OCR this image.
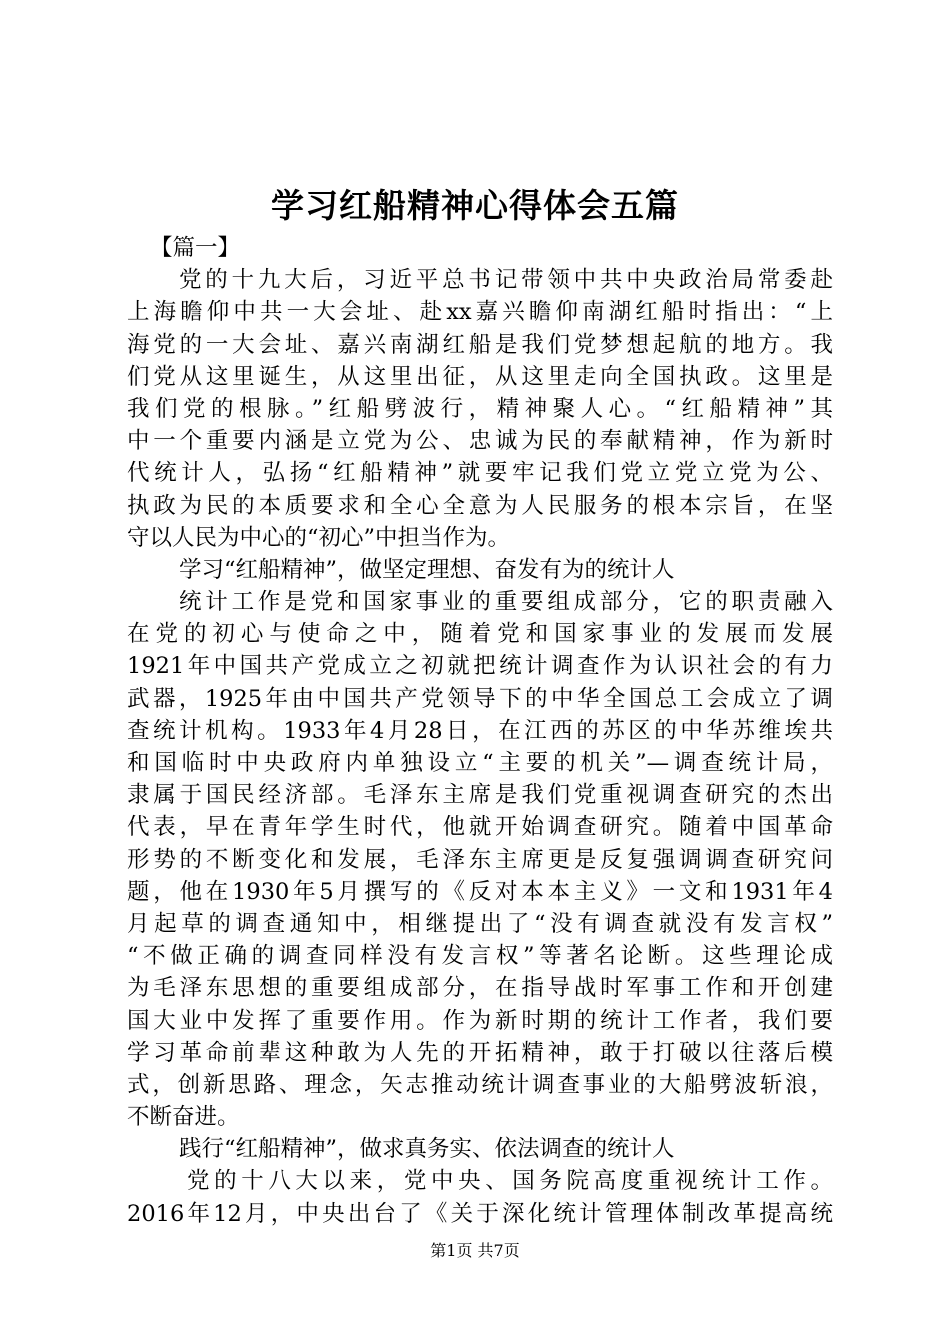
学习红船精神心得体会五篇
【篇一】
党的十九大后，习近平总书记带领中共中央政治局常委赴
上海瞻仰中共一大会址、赴xx嘉兴瞻仰南湖红船时指出：“上
海党的一大会址、嘉兴南湖红船是我们党梦想起航的地方。我
们党从这里诞生，从这里出征，从这里走向全国执政。这里是
我们党的根脉。”红船劈波行，精神聚人心。“红船精神”其
中一个重要内涵是立党为公、忠诚为民的奉献精神，作为新时
代统计人，弘扬“红船精神”就要牢记我们党立党立党为公、
执政为民的本质要求和全心全意为人民服务的根本宗旨，在坚
守以人民为中心的“初心”中担当作为。
学习“红船精神”，做坚定理想、奋发有为的统计人
统计工作是党和国家事业的重要组成部分，它的职责融入
在党的初心与使命之中，随着党和国家事业的发展而发展
1921年中国共产党成立之初就把统计调查作为认识社会的有力
武器，1925年由中国共产党领导下的中华全国总工会成立了调
查统计机构。1933年4月28日，在江西的苏区的中华苏维埃共
和国临时中央政府内单独设立“主要的机关”—调查统计局，
隶属于国民经济部。毛泽东主席是我们党重视调查研究的杰出
代表，早在青年学生时代，他就开始调查研究。随着中国革命
形势的不断变化和发展，毛泽东主席更是反复强调调查研究问
题，他在1930年5月撰写的《反对本本主义》一文和1931年4
月起草的调查通知中，相继提出了“没有调查就没有发言权”
“不做正确的调查同样没有发言权”等著名论断。这些理论成
为毛泽东思想的重要组成部分，在指导战时军事工作和开创建
国大业中发挥了重要作用。作为新时期的统计工作者，我们要
学习革命前辈这种敢为人先的开拓精神，敢于打破以往落后模
式，创新思路、理念，矢志推动统计调查事业的大船劈波斩浪，
不断奋进。
践行“红船精神”，做求真务实、依法调查的统计人
党的十八大以来，党中央、国务院高度重视统计工作。
2016年12月，中央出台了《关于深化统计管理体制改革提高统
第1页 共7页
